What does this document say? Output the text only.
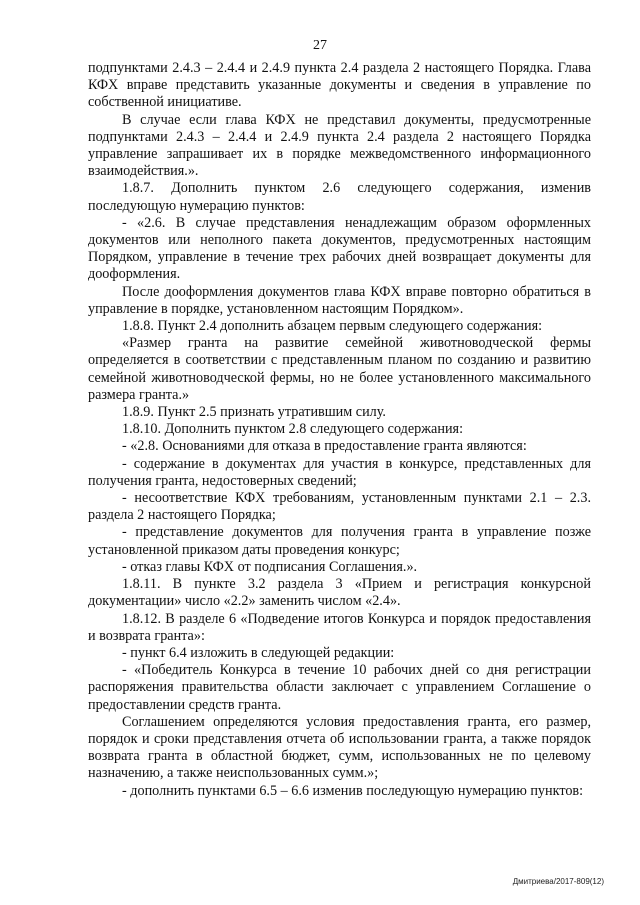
27

подпунктами 2.4.3 – 2.4.4 и 2.4.9 пункта 2.4 раздела 2 настоящего Порядка. Глава КФХ вправе представить указанные документы и сведения в управление по собственной инициативе.

В случае если глава КФХ не представил документы, предусмотренные подпунктами 2.4.3 – 2.4.4 и 2.4.9 пункта 2.4 раздела 2 настоящего Порядка управление запрашивает их в порядке межведомственного информационного взаимодействия.».

1.8.7. Дополнить пунктом 2.6 следующего содержания, изменив последующую нумерацию пунктов:

- «2.6. В случае представления ненадлежащим образом оформленных документов или неполного пакета документов, предусмотренных настоящим Порядком, управление в течение трех рабочих дней возвращает документы для дооформления.

После дооформления документов глава КФХ вправе повторно обратиться в управление в порядке, установленном настоящим Порядком».

1.8.8. Пункт 2.4 дополнить абзацем первым следующего содержания:

«Размер гранта на развитие семейной животноводческой фермы определяется в соответствии с представленным планом по созданию и развитию семейной животноводческой фермы, но не более установленного максимального размера гранта.»

1.8.9. Пункт 2.5 признать утратившим силу.

1.8.10. Дополнить пунктом 2.8 следующего содержания:

- «2.8. Основаниями для отказа в предоставление гранта являются:

- содержание в документах для участия в конкурсе, представленных для получения гранта, недостоверных сведений;

- несоответствие КФХ требованиям, установленным пунктами 2.1 – 2.3. раздела 2 настоящего Порядка;

- представление документов для получения гранта в управление позже установленной приказом даты проведения конкурс;

- отказ главы КФХ от подписания Соглашения.».

1.8.11. В пункте 3.2 раздела 3 «Прием и регистрация конкурсной документации» число «2.2» заменить числом «2.4».

1.8.12. В разделе 6 «Подведение итогов Конкурса и порядок предоставления и возврата гранта»:

- пункт 6.4 изложить в следующей редакции:

- «Победитель Конкурса в течение 10 рабочих дней со дня регистрации распоряжения правительства области заключает с управлением Соглашение о предоставлении средств гранта.

Соглашением определяются условия предоставления гранта, его размер, порядок и сроки представления отчета об использовании гранта, а также порядок возврата гранта в областной бюджет, сумм, использованных не по целевому назначению, а также неиспользованных сумм.»;

- дополнить пунктами 6.5 – 6.6 изменив последующую нумерацию пунктов:

Дмитриева/2017-809(12)
